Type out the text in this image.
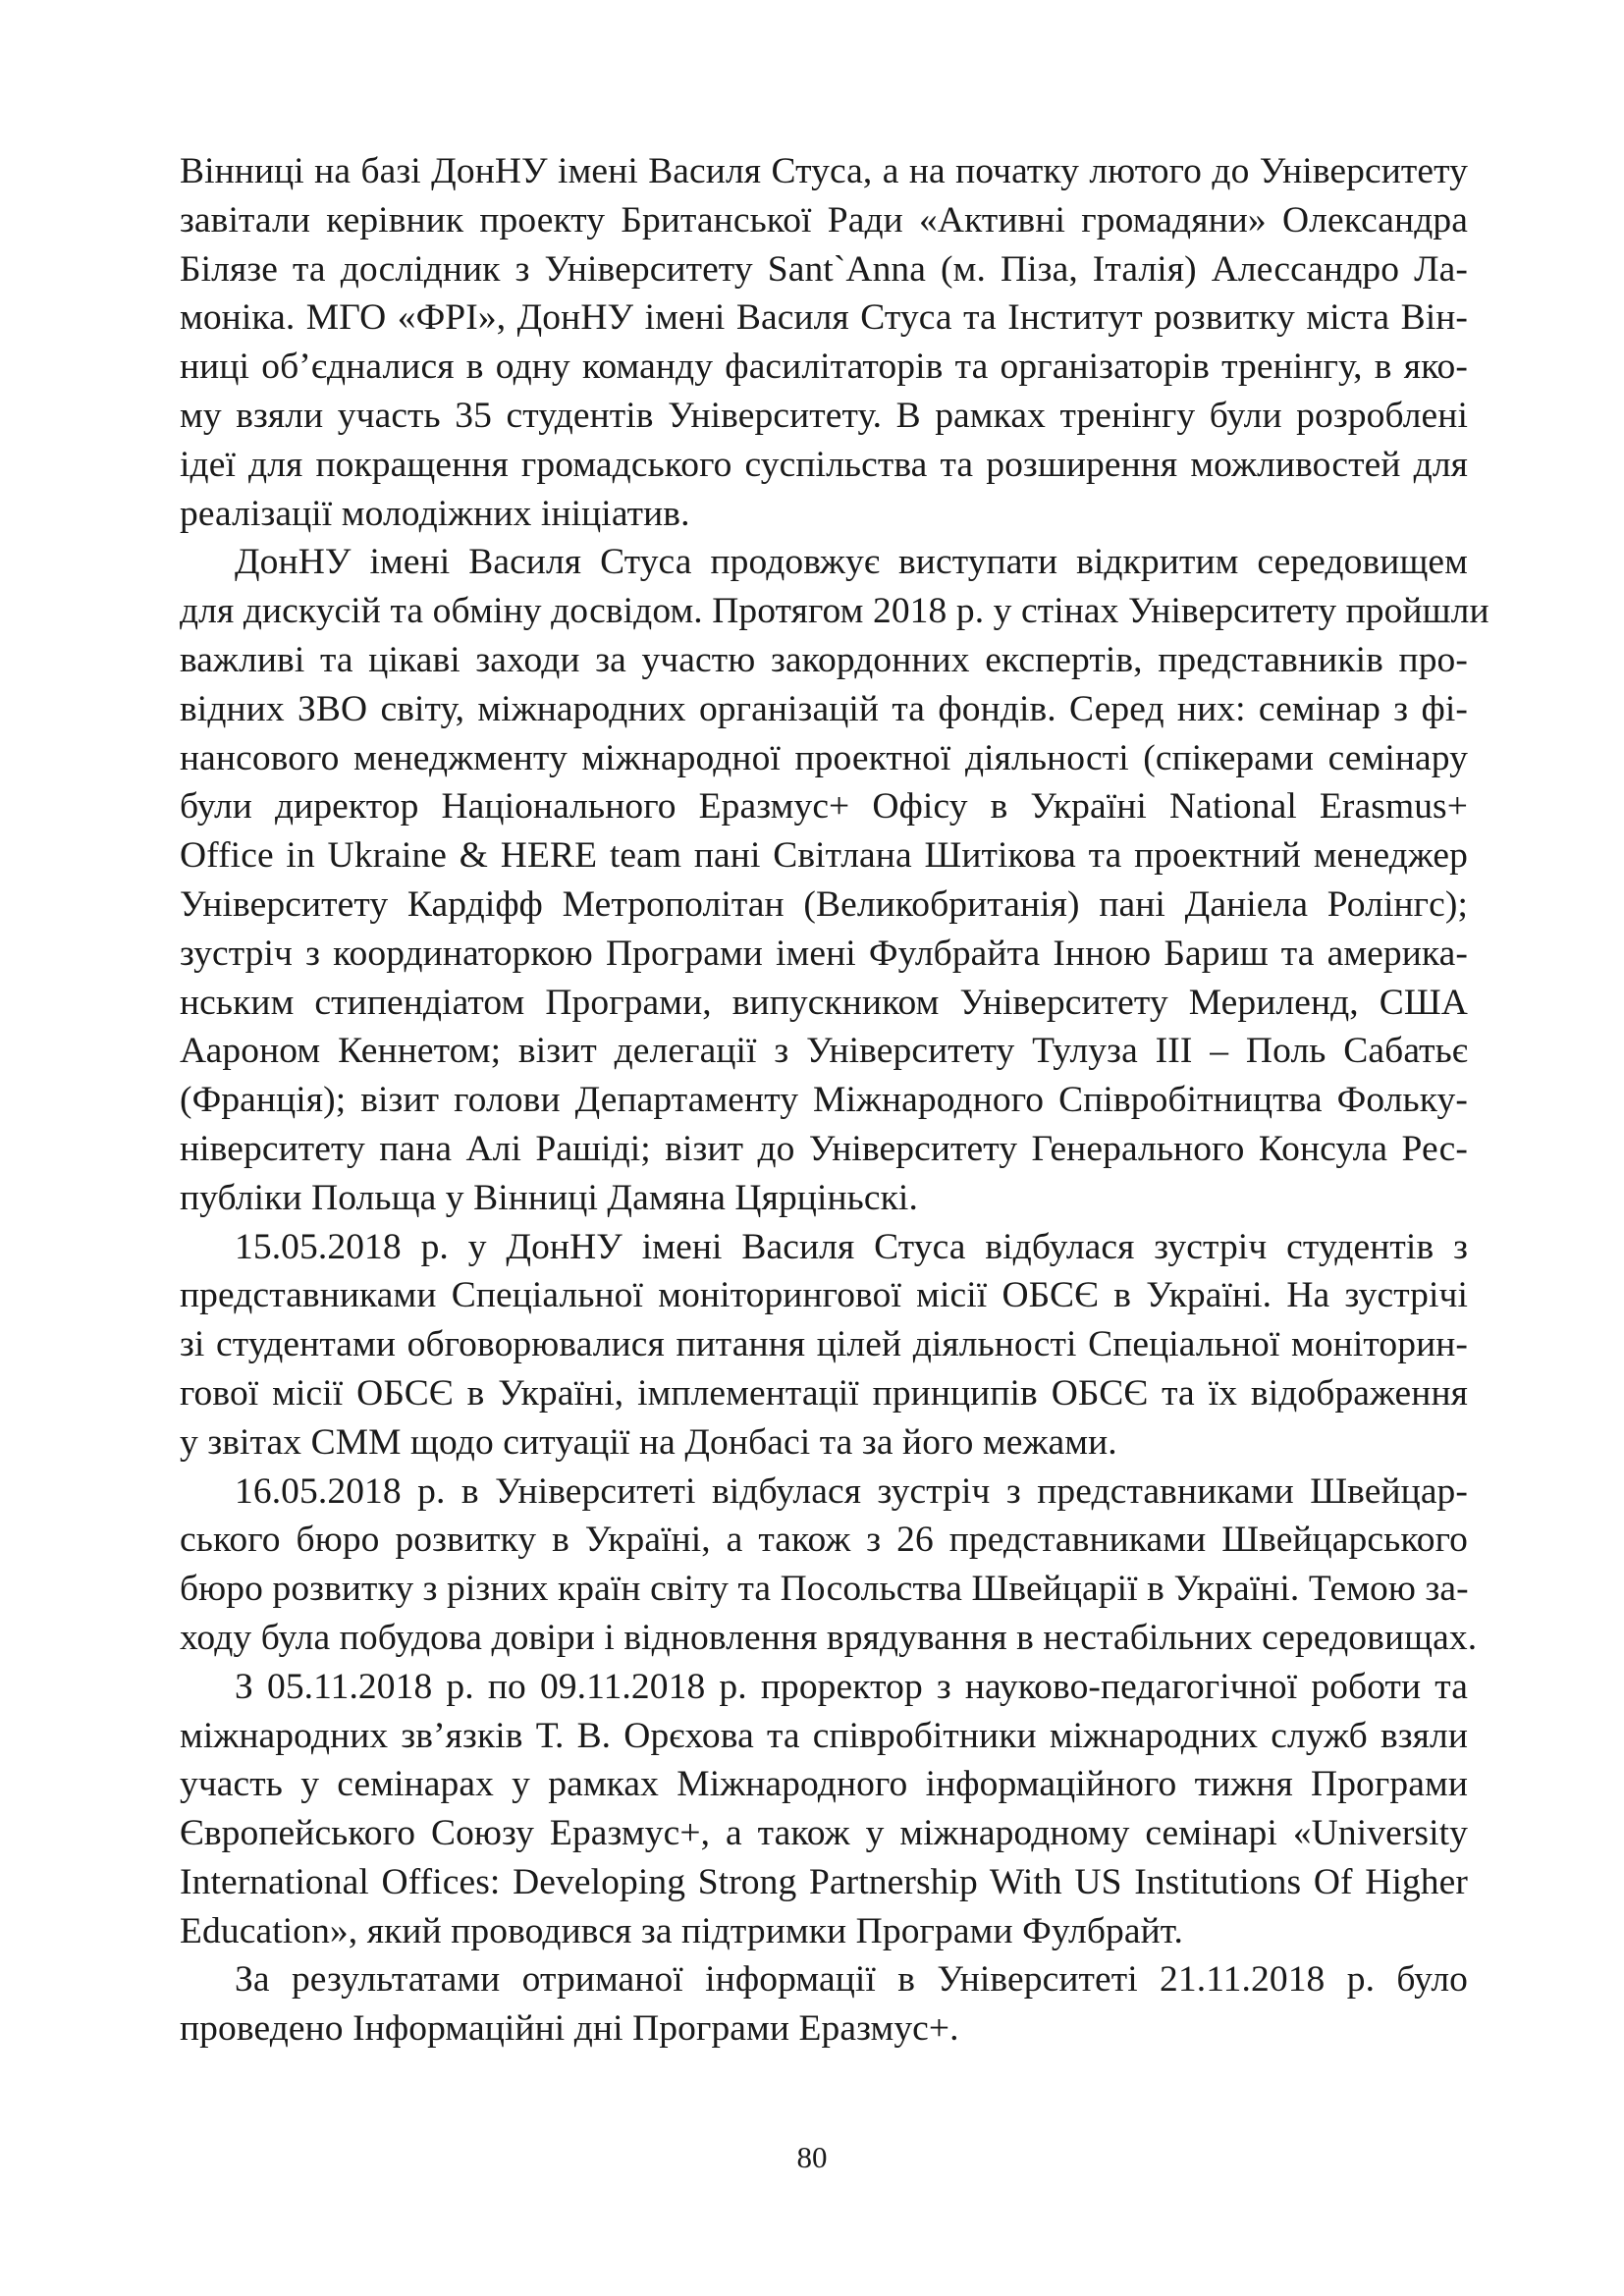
Вінниці на базі ДонНУ імені Василя Стуса, а на початку лютого до Університету
завітали керівник проекту Британської Ради «Активні громадяни» Олександра
Білязе та дослідник з Університету Sant`Anna (м. Піза, Італія) Алессандро Ла-
моніка. МГО «ФРІ», ДонНУ імені Василя Стуса та Інститут розвитку міста Він-
ниці об’єдналися в одну команду фасилітаторів та організаторів тренінгу, в яко-
му взяли участь 35 студентів Університету. В рамках тренінгу були розроблені
ідеї для покращення громадського суспільства та розширення можливостей для
реалізації молодіжних ініціатив.
ДонНУ імені Василя Стуса продовжує виступати відкритим середовищем
для дискусій та обміну досвідом. Протягом 2018 р. у стінах Університету пройшли
важливі та цікаві заходи за участю закордонних експертів, представників про-
відних ЗВО світу, міжнародних організацій та фондів. Серед них: семінар з фі-
нансового менеджменту міжнародної проектної діяльності (спікерами семінару
були директор Національного Еразмус+ Офісу в Україні National Erasmus+
Office in Ukraine & HERE team пані Світлана Шитікова та проектний менеджер
Університету Кардіфф Метрополітан (Великобританія) пані Даніела Ролінгс);
зустріч з координаторкою Програми імені Фулбрайта Інною Бариш та америка-
нським стипендіатом Програми, випускником Університету Мериленд, США
Аароном Кеннетом; візит делегації з Університету Тулуза III – Поль Сабатьє
(Франція); візит голови Департаменту Міжнародного Співробітництва Фольку-
ніверситету пана Алі Рашіді; візит до Університету Генерального Консула Рес-
публіки Польща у Вінниці Дамяна Цярціньскі.
15.05.2018 р. у ДонНУ імені Василя Стуса відбулася зустріч студентів з
представниками Спеціальної моніторингової місії ОБСЄ в Україні. На зустрічі
зі студентами обговорювалися питання цілей діяльності Спеціальної моніторин-
гової місії ОБСЄ в Україні, імплементації принципів ОБСЄ та їх відображення
у звітах СММ щодо ситуації на Донбасі та за його межами.
16.05.2018 р. в Університеті відбулася зустріч з представниками Швейцар-
ського бюро розвитку в Україні, а також з 26 представниками Швейцарського
бюро розвитку з різних країн світу та Посольства Швейцарії в Україні. Темою за-
ходу була побудова довіри і відновлення врядування в нестабільних середовищах.
З 05.11.2018 р. по 09.11.2018 р. проректор з науково-педагогічної роботи та
міжнародних зв’язків Т. В. Орєхова та співробітники міжнародних служб взяли
участь у семінарах у рамках Міжнародного інформаційного тижня Програми
Європейського Союзу Еразмус+, а також у міжнародному семінарі «University
International Offices: Developing Strong Partnership With US Institutions Of Higher
Education», який проводився за підтримки Програми Фулбрайт.
За результатами отриманої інформації в Університеті 21.11.2018 р. було
проведено Інформаційні дні Програми Еразмус+.
80
